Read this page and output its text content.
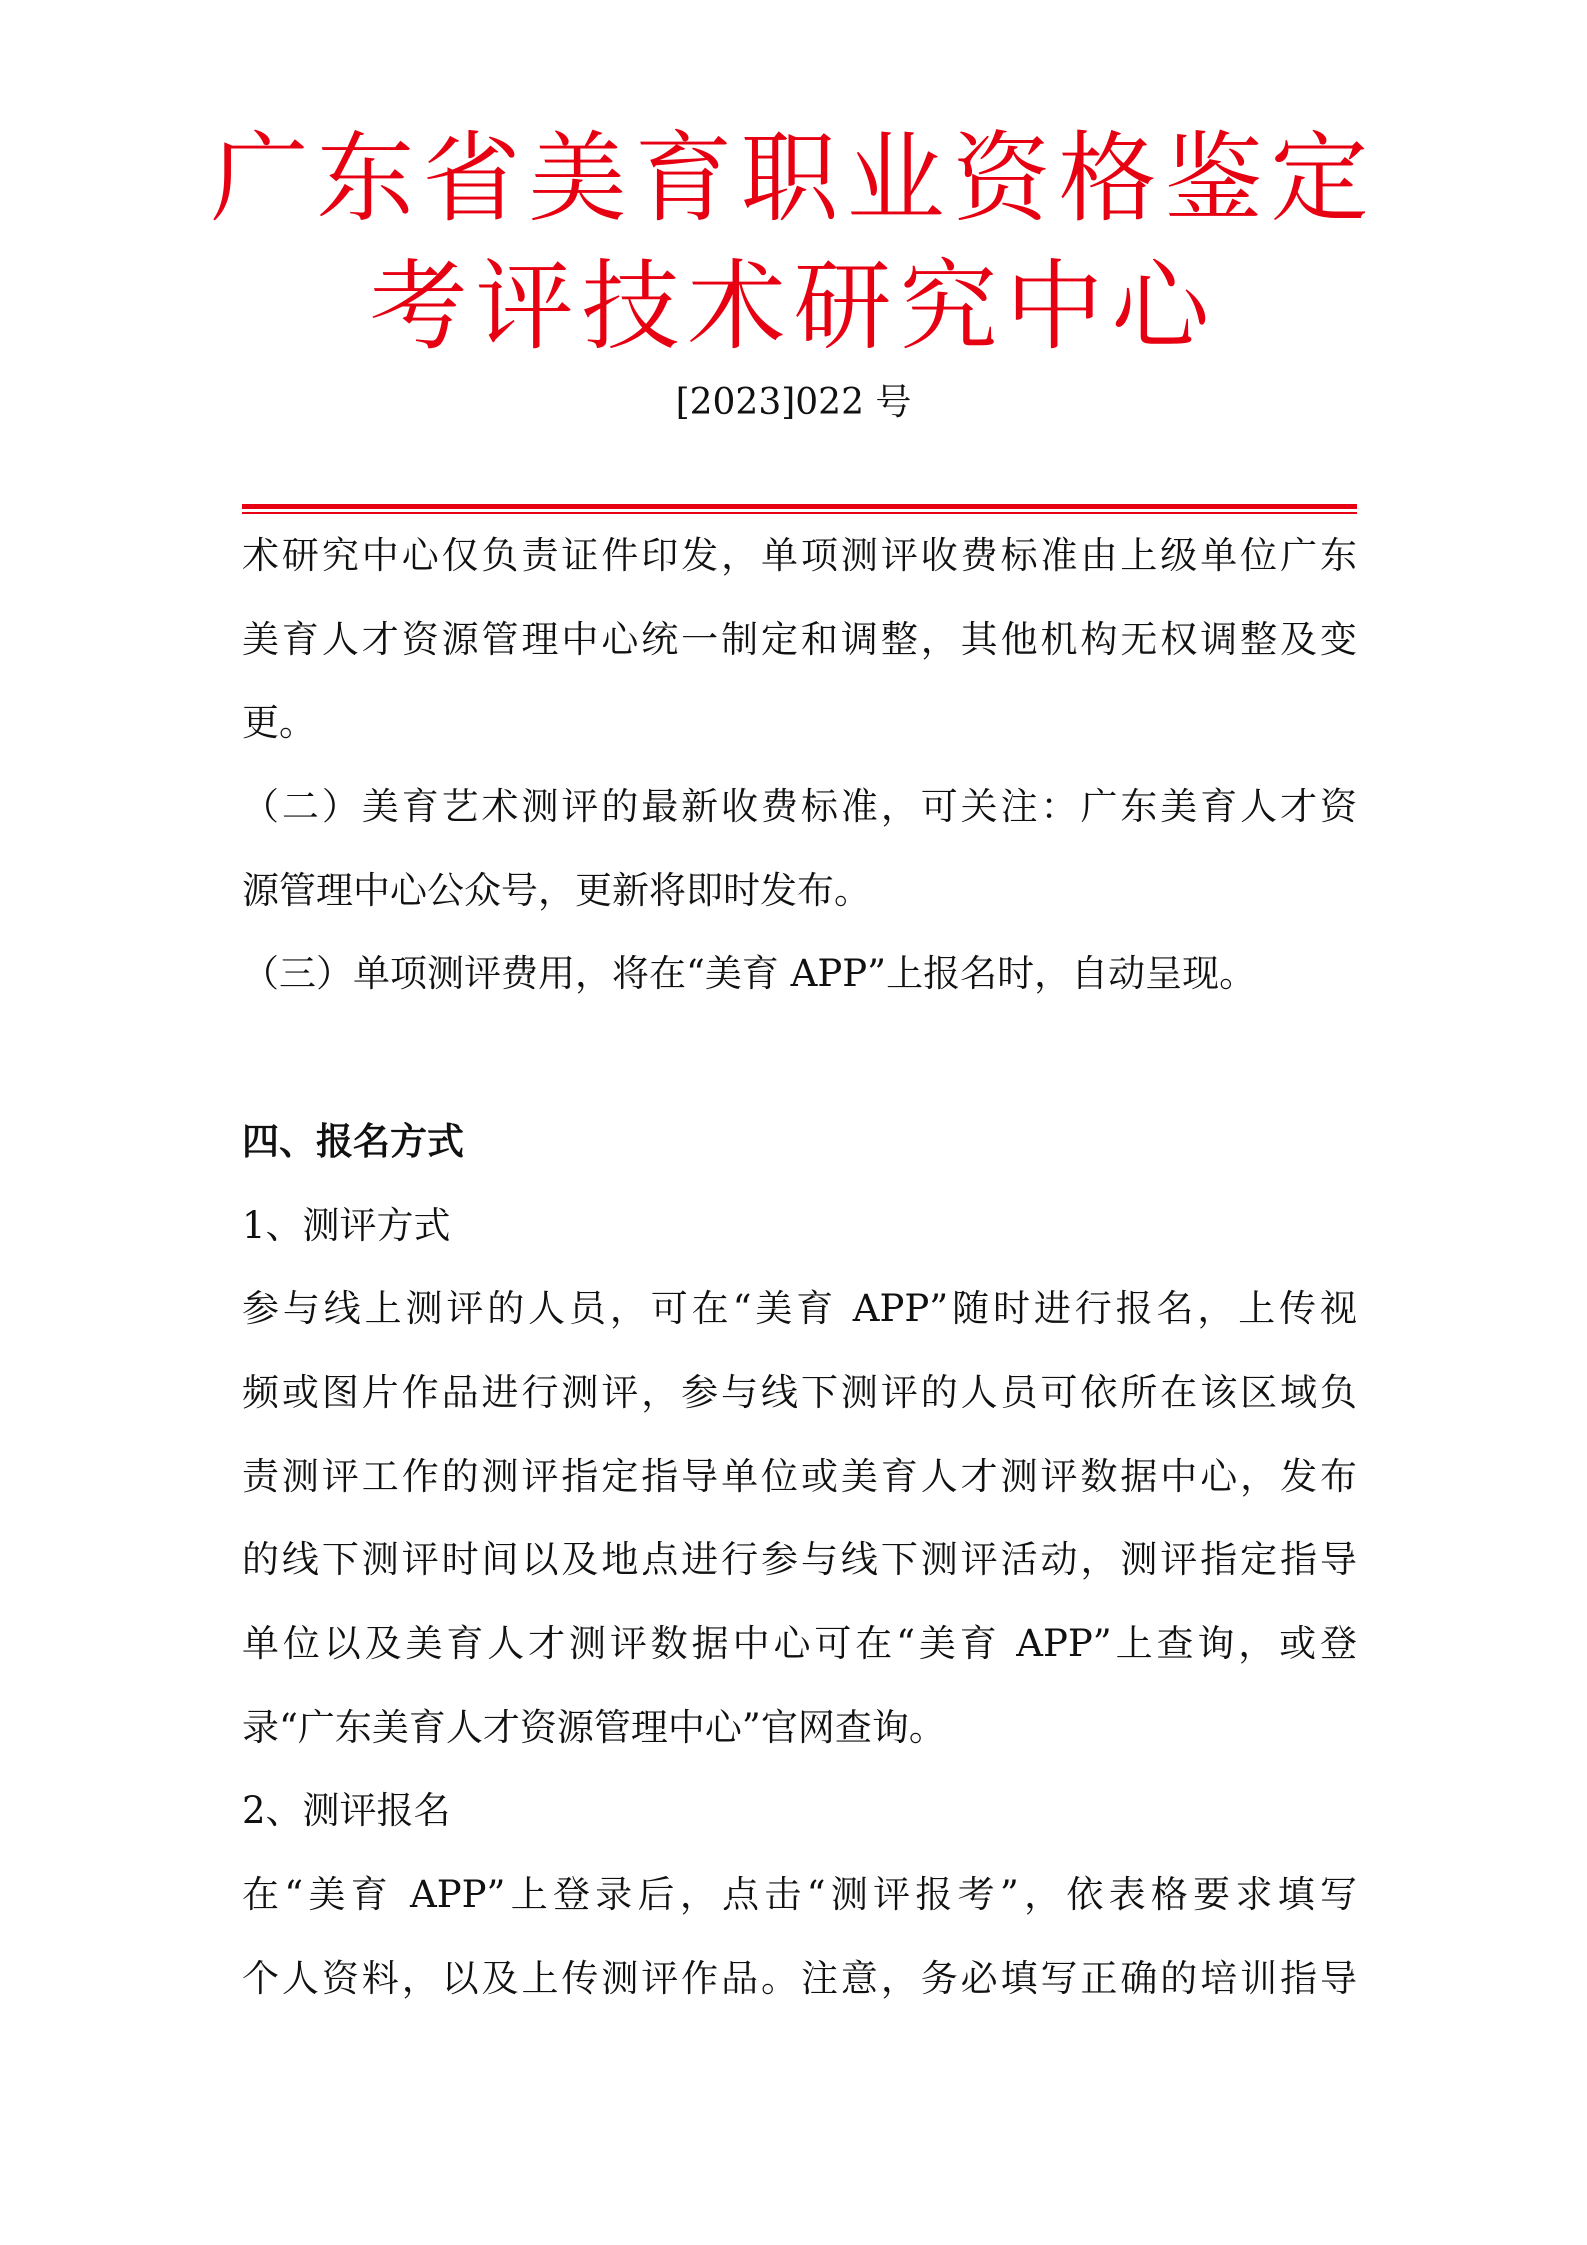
广东省美育职业资格鉴定
考评技术研究中心
[2023]022 号
术研究中心仅负责证件印发，单项测评收费标准由上级单位广东
美育人才资源管理中心统一制定和调整，其他机构无权调整及变
更。
（二）美育艺术测评的最新收费标准，可关注：广东美育人才资
源管理中心公众号，更新将即时发布。
（三）单项测评费用，将在“美育 APP”上报名时，自动呈现。
四、报名方式
1、测评方式
参与线上测评的人员，可在“美育 APP”随时进行报名，上传视
频或图片作品进行测评，参与线下测评的人员可依所在该区域负
责测评工作的测评指定指导单位或美育人才测评数据中心，发布
的线下测评时间以及地点进行参与线下测评活动，测评指定指导
单位以及美育人才测评数据中心可在“美育 APP”上查询，或登
录“广东美育人才资源管理中心”官网查询。
2、测评报名
在“美育 APP”上登录后，点击“测评报考”，依表格要求填写
个人资料，以及上传测评作品。注意，务必填写正确的培训指导
